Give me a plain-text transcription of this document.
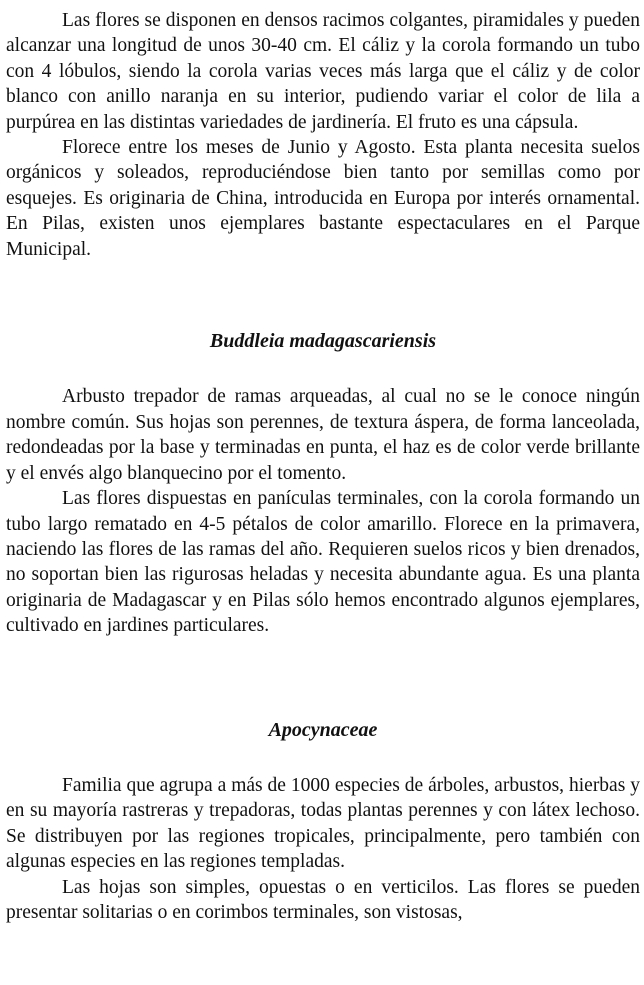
Las flores se disponen en densos racimos colgantes, piramidales y pueden alcanzar una longitud de unos 30-40 cm. El cáliz y la corola formando un tubo con 4 lóbulos, siendo la corola varias veces más larga que el cáliz y de color blanco con anillo naranja en su interior, pudiendo variar el color de lila a purpúrea en las distintas variedades de jardinería. El fruto es una cápsula.

Florece entre los meses de Junio y Agosto. Esta planta necesita suelos orgánicos y soleados, reproduciéndose bien tanto por semillas como por esquejes. Es originaria de China, introducida en Europa por interés ornamental. En Pilas, existen unos ejemplares bastante espectaculares en el Parque Municipal.

Buddleia madagascariensis

Arbusto trepador de ramas arqueadas, al cual no se le conoce ningún nombre común. Sus hojas son perennes, de textura áspera, de forma lanceolada, redondeadas por la base y terminadas en punta, el haz es de color verde brillante y el envés algo blanquecino por el tomento.

Las flores dispuestas en panículas terminales, con la corola formando un tubo largo rematado en 4-5 pétalos de color amarillo. Florece en la primavera, naciendo las flores de las ramas del año. Requieren suelos ricos y bien drenados, no soportan bien las rigurosas heladas y necesita abundante agua. Es una planta originaria de Madagascar y en Pilas sólo hemos encontrado algunos ejemplares, cultivado en jardines particulares.

Apocynaceae

Familia que agrupa a más de 1000 especies de árboles, arbustos, hierbas y en su mayoría rastreras y trepadoras, todas plantas perennes y con látex lechoso. Se distribuyen por las regiones tropicales, principalmente, pero también con algunas especies en las regiones templadas.

Las hojas son simples, opuestas o en verticilos. Las flores se pueden presentar solitarias o en corimbos terminales, son vistosas,
